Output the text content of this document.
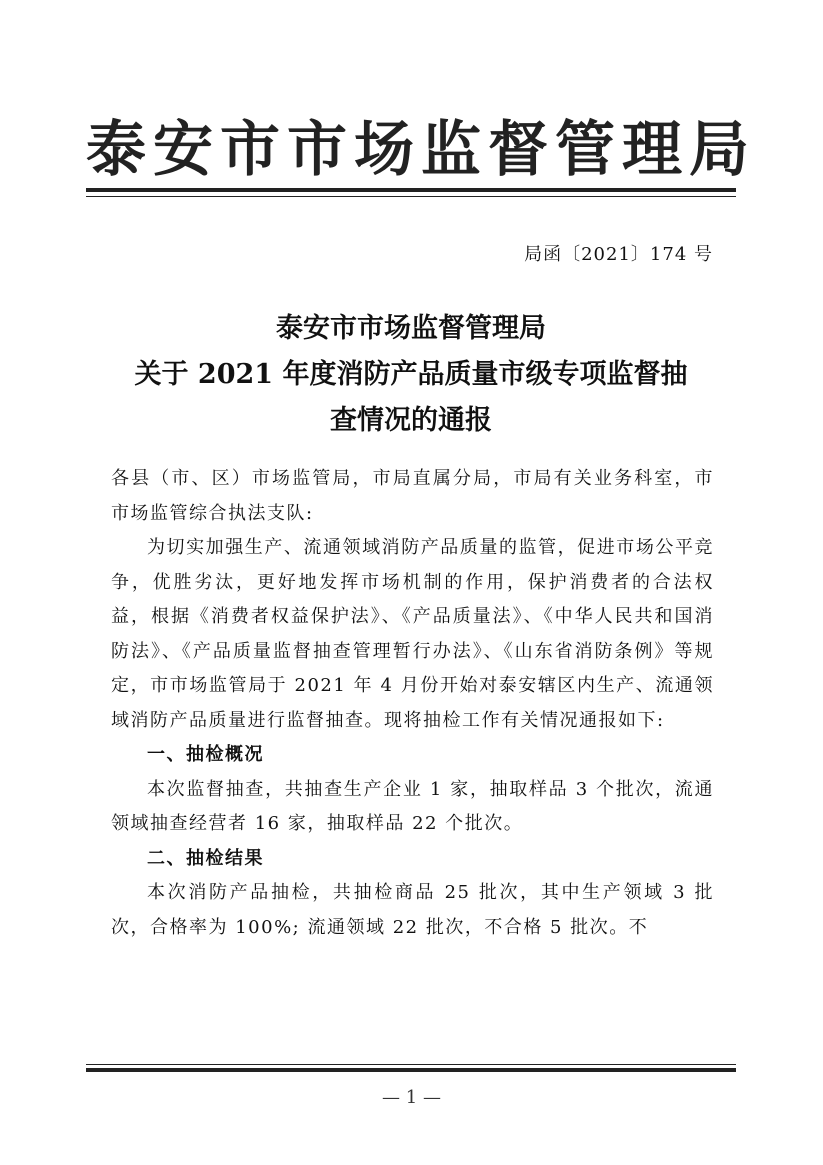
泰安市市场监督管理局
局函〔2021〕174 号
泰安市市场监督管理局
关于 2021 年度消防产品质量市级专项监督抽
查情况的通报

各县（市、区）市场监管局，市局直属分局，市局有关业务科室，市市场监管综合执法支队:

为切实加强生产、流通领域消防产品质量的监管，促进市场公平竞争，优胜劣汰，更好地发挥市场机制的作用，保护消费者的合法权益，根据《消费者权益保护法》、《产品质量法》、《中华人民共和国消防法》、《产品质量监督抽查管理暂行办法》、《山东省消防条例》等规定，市市场监管局于 2021 年 4 月份开始对泰安辖区内生产、流通领域消防产品质量进行监督抽查。现将抽检工作有关情况通报如下:

一、抽检概况

本次监督抽查，共抽查生产企业 1 家，抽取样品 3 个批次，流通领域抽查经营者 16 家，抽取样品 22 个批次。

二、抽检结果

本次消防产品抽检，共抽检商品 25 批次，其中生产领域 3 批次，合格率为 100%; 流通领域 22 批次，不合格 5 批次。不

— 1 —
